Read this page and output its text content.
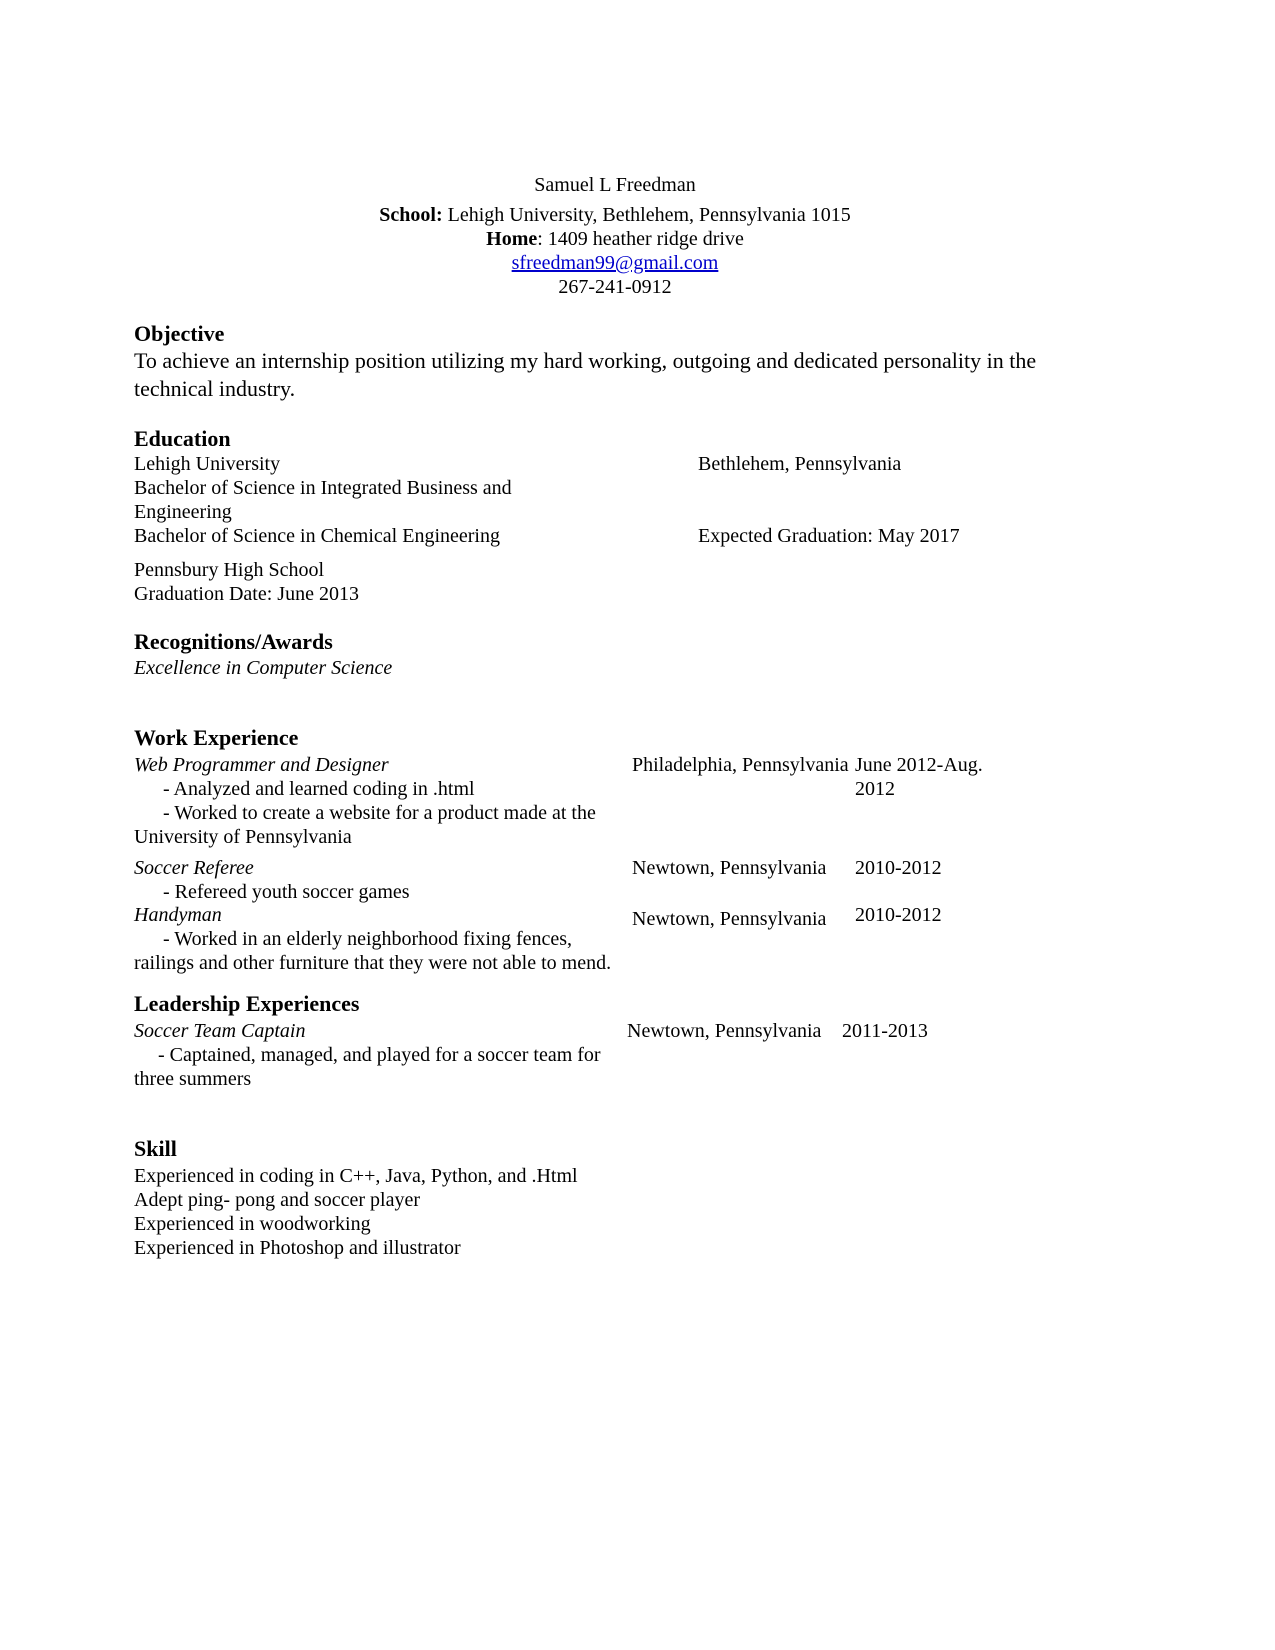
Samuel L Freedman
School: Lehigh University, Bethlehem, Pennsylvania 1015
Home: 1409 heather ridge drive
sfreedman99@gmail.com
267-241-0912
Objective
To achieve an internship position utilizing my hard working, outgoing and dedicated personality in the
technical industry.
Education
Lehigh University	Bethlehem, Pennsylvania
Bachelor of Science in Integrated Business and
Engineering
Bachelor of Science in Chemical Engineering	Expected Graduation: May 2017
Pennsbury High School
Graduation Date: June 2013
Recognitions/Awards
Excellence in Computer Science
Work Experience
Web Programmer and Designer	Philadelphia, Pennsylvania June 2012-Aug.
2012
- Analyzed and learned coding in .html
- Worked to create a website for a product made at the
University of Pennsylvania
Soccer Referee	Newtown, Pennsylvania 2010-2012
- Refereed youth soccer games
Handyman	Newtown, Pennsylvania 2010-2012
- Worked in an elderly neighborhood fixing fences,
railings and other furniture that they were not able to mend.
Leadership Experiences
Soccer Team Captain	Newtown, Pennsylvania 2011-2013
- Captained, managed, and played for a soccer team for
three summers
Skill
Experienced in coding in C++, Java, Python, and .Html
Adept ping- pong and soccer player
Experienced in woodworking
Experienced in Photoshop and illustrator
